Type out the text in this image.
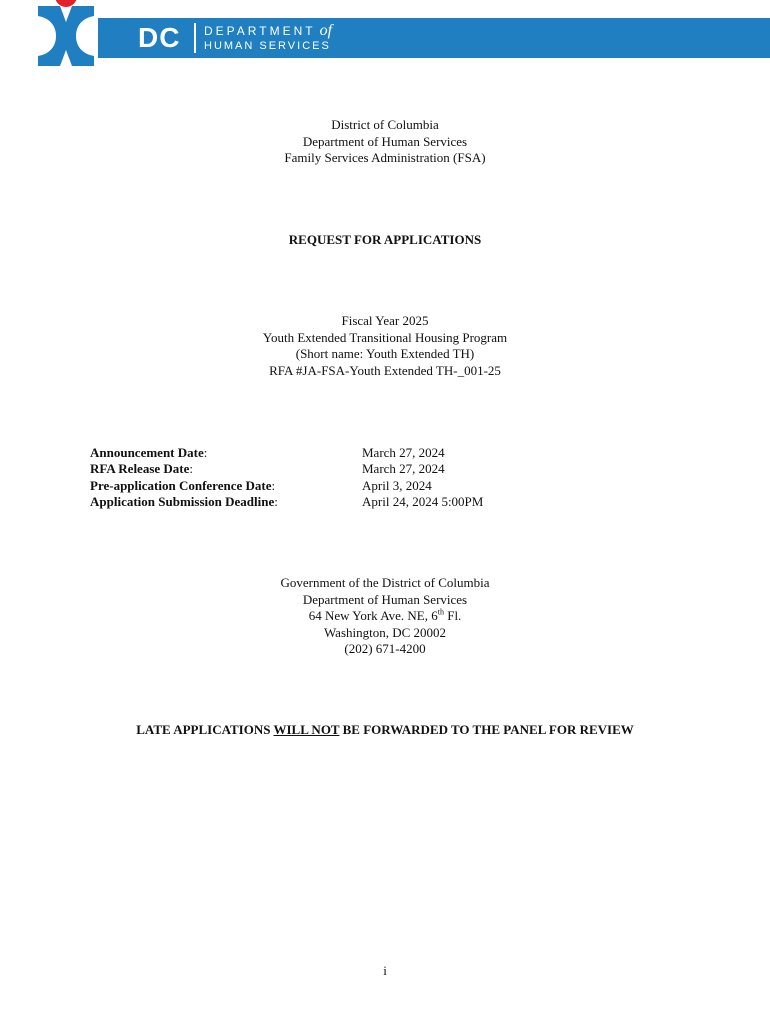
DC DEPARTMENT of
HUMAN SERVICES
District of Columbia
Department of Human Services
Family Services Administration (FSA)
REQUEST FOR APPLICATIONS
Fiscal Year 2025
Youth Extended Transitional Housing Program
(Short name: Youth Extended TH)
RFA #JA-FSA-Youth Extended TH-_001-25
Announcement Date:	March 27, 2024
RFA Release Date:	March 27, 2024
Pre-application Conference Date:	April 3, 2024
Application Submission Deadline:	April 24, 2024 5:00PM
Government of the District of Columbia
Department of Human Services
64 New York Ave. NE, 6th Fl.
Washington, DC 20002
(202) 671-4200
LATE APPLICATIONS WILL NOT BE FORWARDED TO THE PANEL FOR REVIEW
i
